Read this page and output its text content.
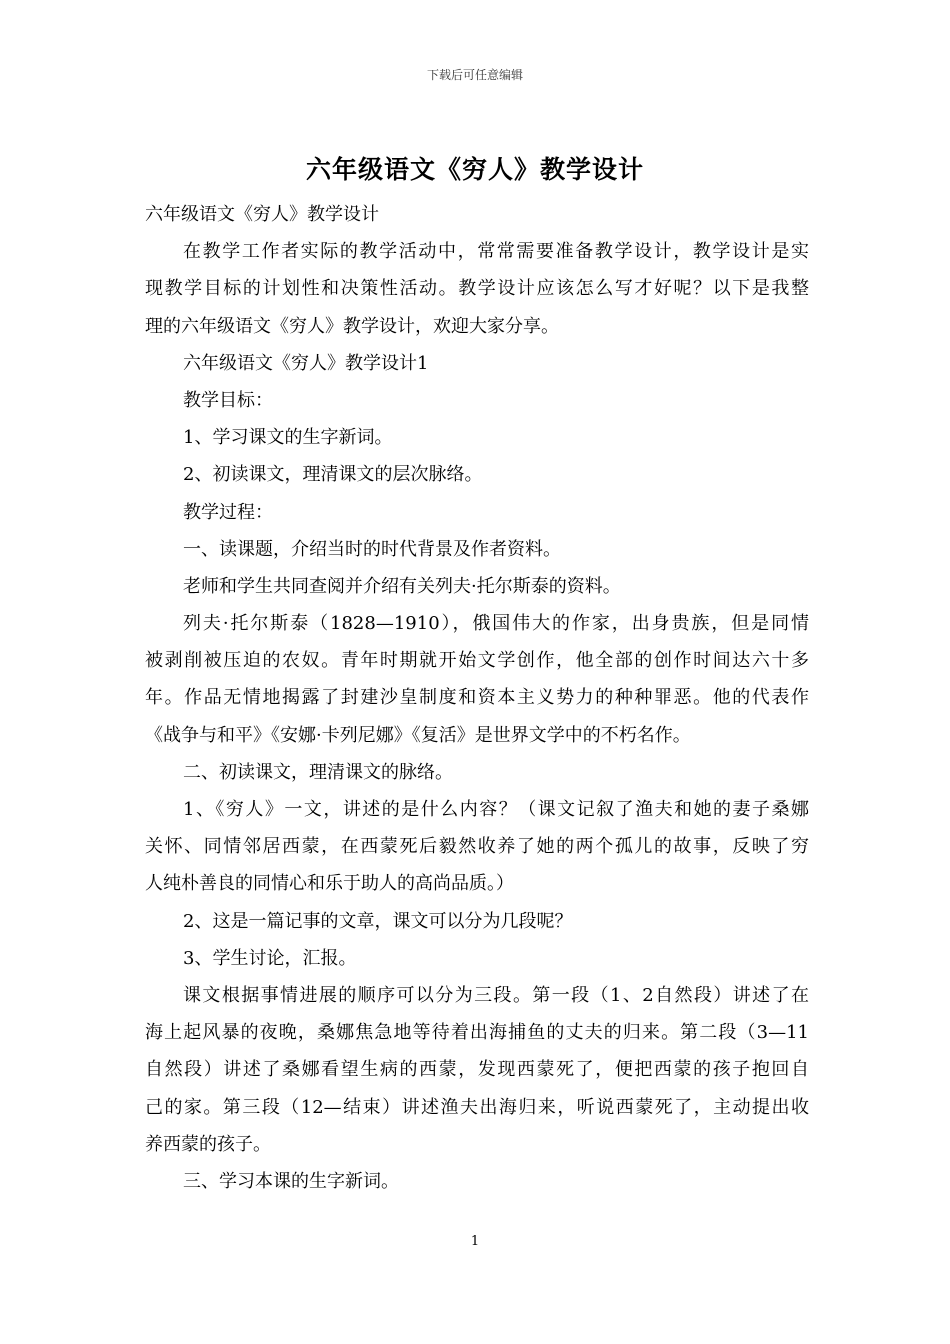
下载后可任意编辑
六年级语文《穷人》教学设计
六年级语文《穷人》教学设计
在教学工作者实际的教学活动中，常常需要准备教学设计，教学设计是实
现教学目标的计划性和决策性活动。教学设计应该怎么写才好呢？以下是我整
理的六年级语文《穷人》教学设计，欢迎大家分享。
六年级语文《穷人》教学设计1
教学目标：
1、学习课文的生字新词。
2、初读课文，理清课文的层次脉络。
教学过程：
一、读课题，介绍当时的时代背景及作者资料。
老师和学生共同查阅并介绍有关列夫·托尔斯泰的资料。
列夫·托尔斯泰（1828—1910），俄国伟大的作家，出身贵族，但是同情
被剥削被压迫的农奴。青年时期就开始文学创作，他全部的创作时间达六十多
年。作品无情地揭露了封建沙皇制度和资本主义势力的种种罪恶。他的代表作
《战争与和平》《安娜·卡列尼娜》《复活》是世界文学中的不朽名作。
二、初读课文，理清课文的脉络。
1、《穷人》一文，讲述的是什么内容？（课文记叙了渔夫和她的妻子桑娜
关怀、同情邻居西蒙，在西蒙死后毅然收养了她的两个孤儿的故事，反映了穷
人纯朴善良的同情心和乐于助人的高尚品质。）
2、这是一篇记事的文章，课文可以分为几段呢？
3、学生讨论，汇报。
课文根据事情进展的顺序可以分为三段。第一段（1、2自然段）讲述了在
海上起风暴的夜晚，桑娜焦急地等待着出海捕鱼的丈夫的归来。第二段（3—11
自然段）讲述了桑娜看望生病的西蒙，发现西蒙死了，便把西蒙的孩子抱回自
己的家。第三段（12—结束）讲述渔夫出海归来，听说西蒙死了，主动提出收
养西蒙的孩子。
三、学习本课的生字新词。
1
